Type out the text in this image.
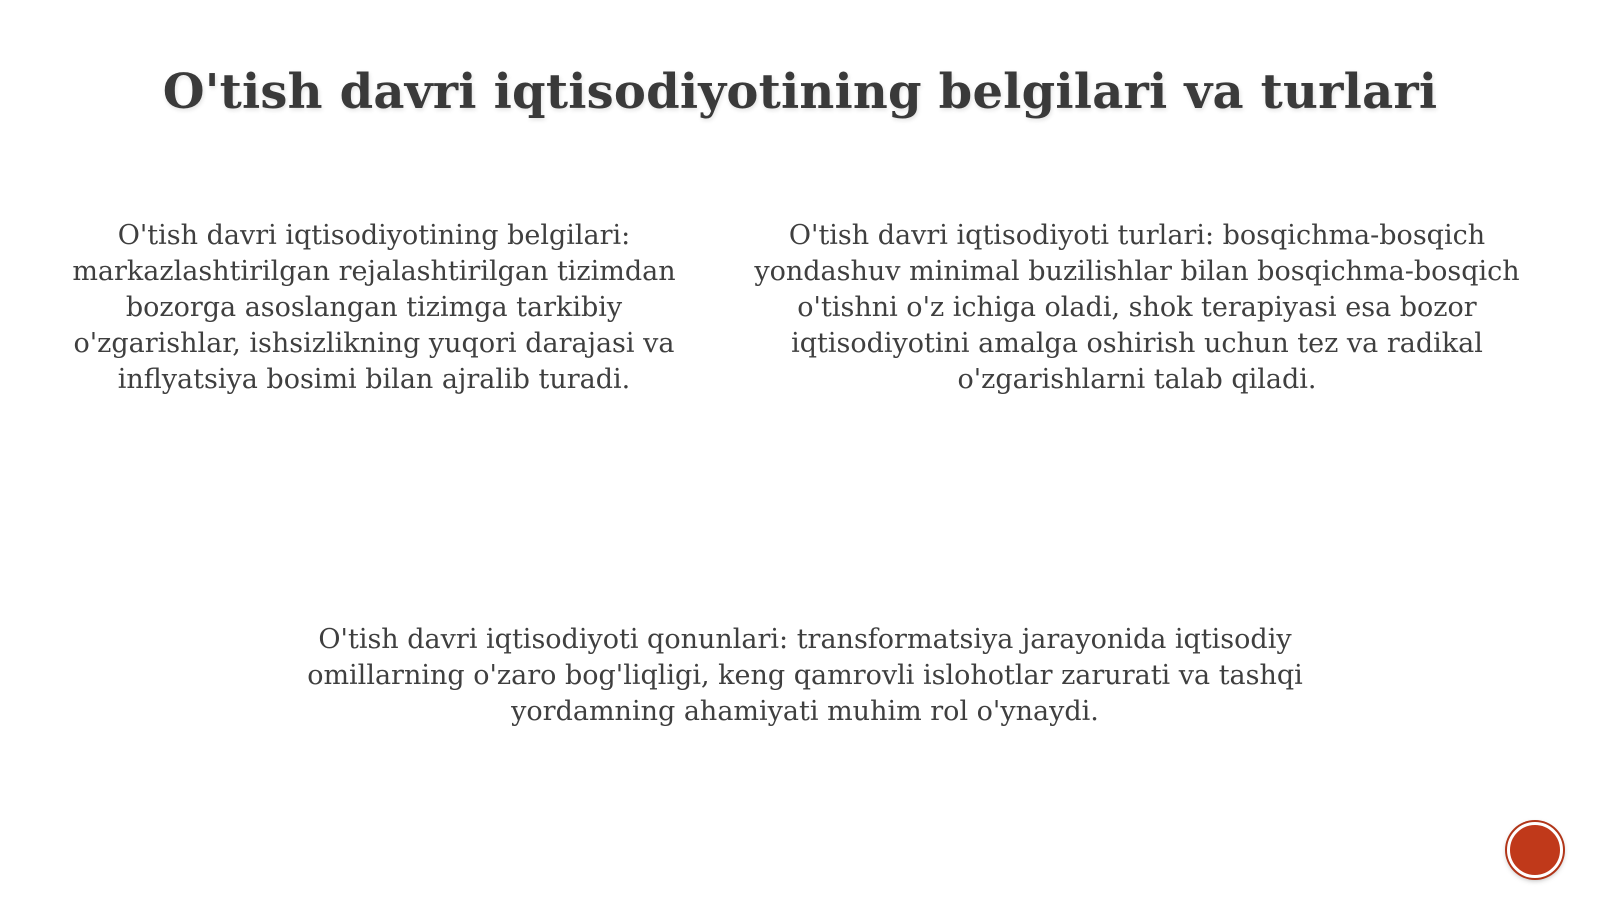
O'tish davri iqtisodiyotining belgilari va turlari
O'tish davri iqtisodiyotining belgilari: markazlashtirilgan rejalashtirilgan tizimdan bozorga asoslangan tizimga tarkibiy o'zgarishlar, ishsizlikning yuqori darajasi va inflyatsiya bosimi bilan ajralib turadi.
O'tish davri iqtisodiyoti turlari: bosqichma-bosqich yondashuv minimal buzilishlar bilan bosqichma-bosqich o'tishni o'z ichiga oladi, shok terapiyasi esa bozor iqtisodiyotini amalga oshirish uchun tez va radikal o'zgarishlarni talab qiladi.
O'tish davri iqtisodiyoti qonunlari: transformatsiya jarayonida iqtisodiy omillarning o'zaro bog'liqligi, keng qamrovli islohotlar zarurati va tashqi yordamning ahamiyati muhim rol o'ynaydi.
